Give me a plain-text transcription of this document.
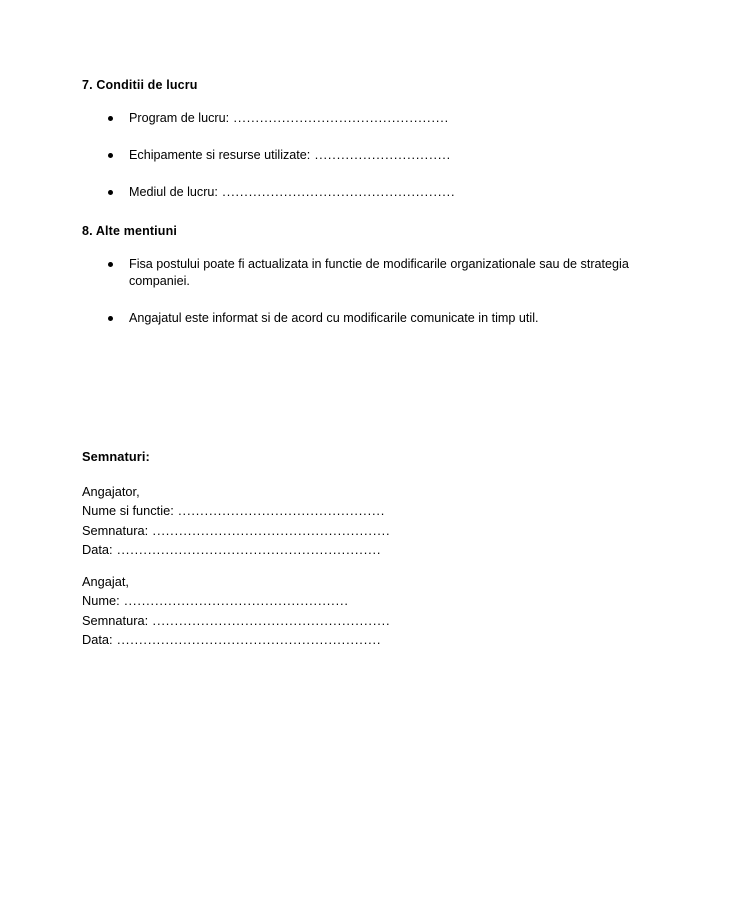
7. Conditii de lucru
Program de lucru: .................................................
Echipamente si resurse utilizate: ...............................
Mediul de lucru: .....................................................
8. Alte mentiuni
Fisa postului poate fi actualizata in functie de modificarile organizationale sau de strategia companiei.
Angajatul este informat si de acord cu modificarile comunicate in timp util.
Semnaturi:
Angajator,
Nume si functie: ...............................................
Semnatura: ......................................................
Data: ............................................................
Angajat,
Nume: ...................................................
Semnatura: ......................................................
Data: ............................................................
